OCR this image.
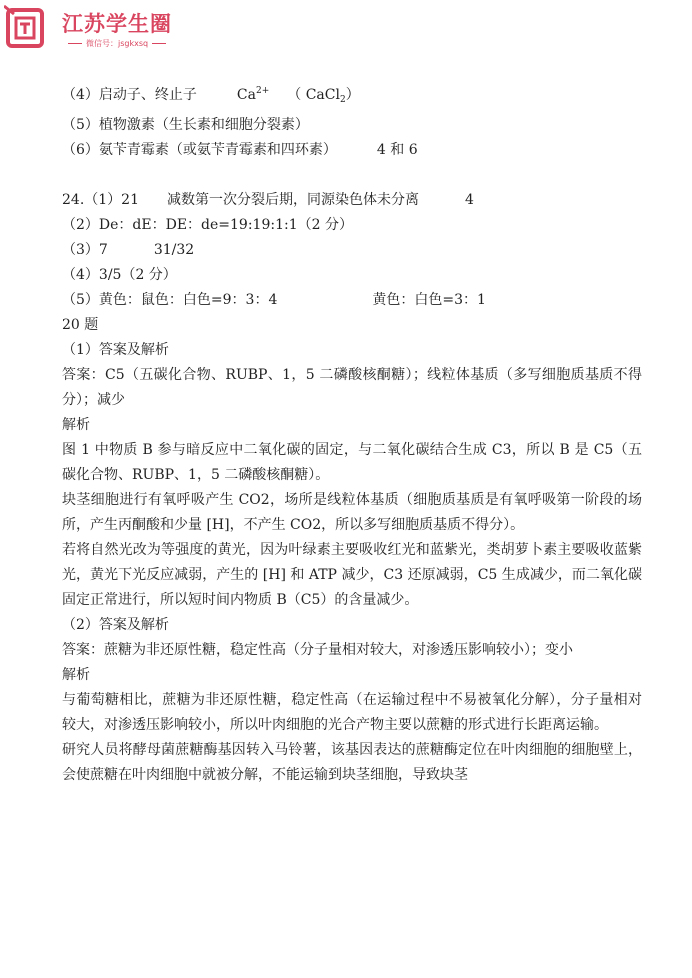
江苏学生圈
微信号：jsgkxsq
（4）启动子、终止子	$Ca^{2+}$ （ CaCl$_2$）
（5）植物激素（生长素和细胞分裂素）
（6）氨苄青霉素（或氨苄青霉素和四环素）	4 和 6
24.（1）21 减数第一次分裂后期，同源染色体未分离	4
（2）De：dE：DE：de=19:19:1:1（2 分）
（3）7	31/32
（4）3/5（2 分）
（5）黄色：鼠色：白色=9：3：4	黄色：白色=3：1
20 题
（1）答案及解析
答案：C5（五碳化合物、RUBP、1，5 二磷酸核酮糖）；线粒体基质（多写细胞质基质不得分）；减少
解析
图 1 中物质 B 参与暗反应中二氧化碳的固定，与二氧化碳结合生成 C3，所以 B 是 C5（五碳化合物、RUBP、1，5 二磷酸核酮糖）。
块茎细胞进行有氧呼吸产生 CO2，场所是线粒体基质（细胞质基质是有氧呼吸第一阶段的场所，产生丙酮酸和少量 [H]，不产生 CO2，所以多写细胞质基质不得分）。
若将自然光改为等强度的黄光，因为叶绿素主要吸收红光和蓝紫光，类胡萝卜素主要吸收蓝紫光，黄光下光反应减弱，产生的 [H] 和 ATP 减少，C3 还原减弱，C5 生成减少，而二氧化碳固定正常进行，所以短时间内物质 B（C5）的含量减少。
（2）答案及解析
答案：蔗糖为非还原性糖，稳定性高（分子量相对较大，对渗透压影响较小）；变小
解析
与葡萄糖相比，蔗糖为非还原性糖，稳定性高（在运输过程中不易被氧化分解），分子量相对较大，对渗透压影响较小，所以叶肉细胞的光合产物主要以蔗糖的形式进行长距离运输。
研究人员将酵母菌蔗糖酶基因转入马铃薯，该基因表达的蔗糖酶定位在叶肉细胞的细胞壁上，会使蔗糖在叶肉细胞中就被分解，不能运输到块茎细胞，导致块茎
